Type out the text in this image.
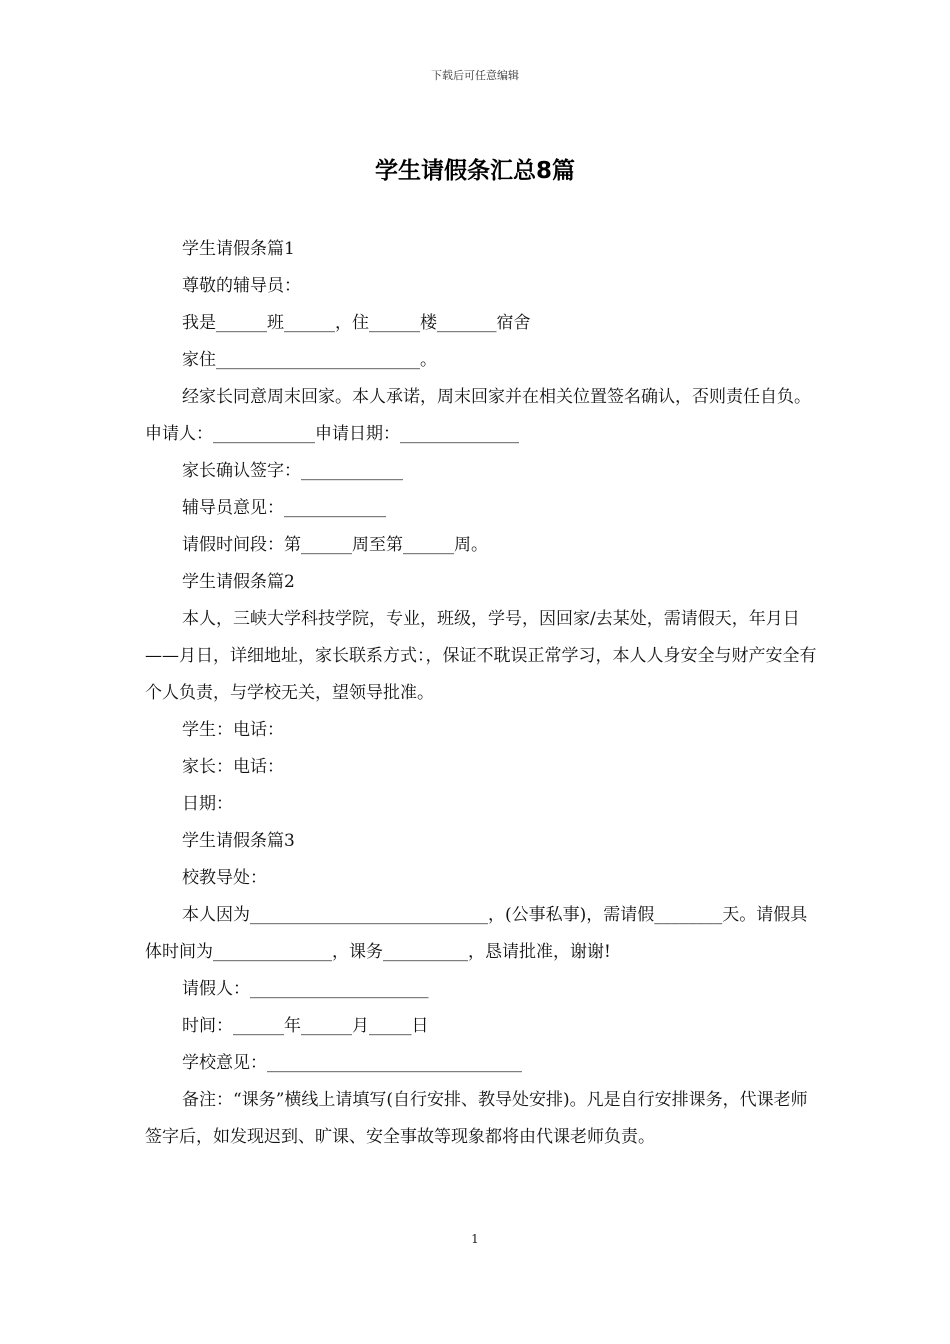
下载后可任意编辑
学生请假条汇总8篇

学生请假条篇1

尊敬的辅导员：

我是______班______，住______楼_______宿舍

家住________________________。

经家长同意周末回家。本人承诺，周末回家并在相关位置签名确认，否则责任自负。申请人：____________申请日期：______________

家长确认签字：____________

辅导员意见：____________

请假时间段：第______周至第______周。

学生请假条篇2

本人，三峡大学科技学院，专业，班级，学号，因回家/去某处，需请假天，年月日——月日，详细地址，家长联系方式：，保证不耽误正常学习，本人人身安全与财产安全有个人负责，与学校无关，望领导批准。

学生：电话：

家长：电话：

日期：

学生请假条篇3

校教导处：

本人因为____________________________，(公事私事)，需请假________天。请假具体时间为______________，课务__________，恳请批准，谢谢!

请假人：_____________________

时间：______年______月_____日

学校意见：______________________________

备注：“课务”横线上请填写(自行安排、教导处安排)。凡是自行安排课务，代课老师签字后，如发现迟到、旷课、安全事故等现象都将由代课老师负责。

1
